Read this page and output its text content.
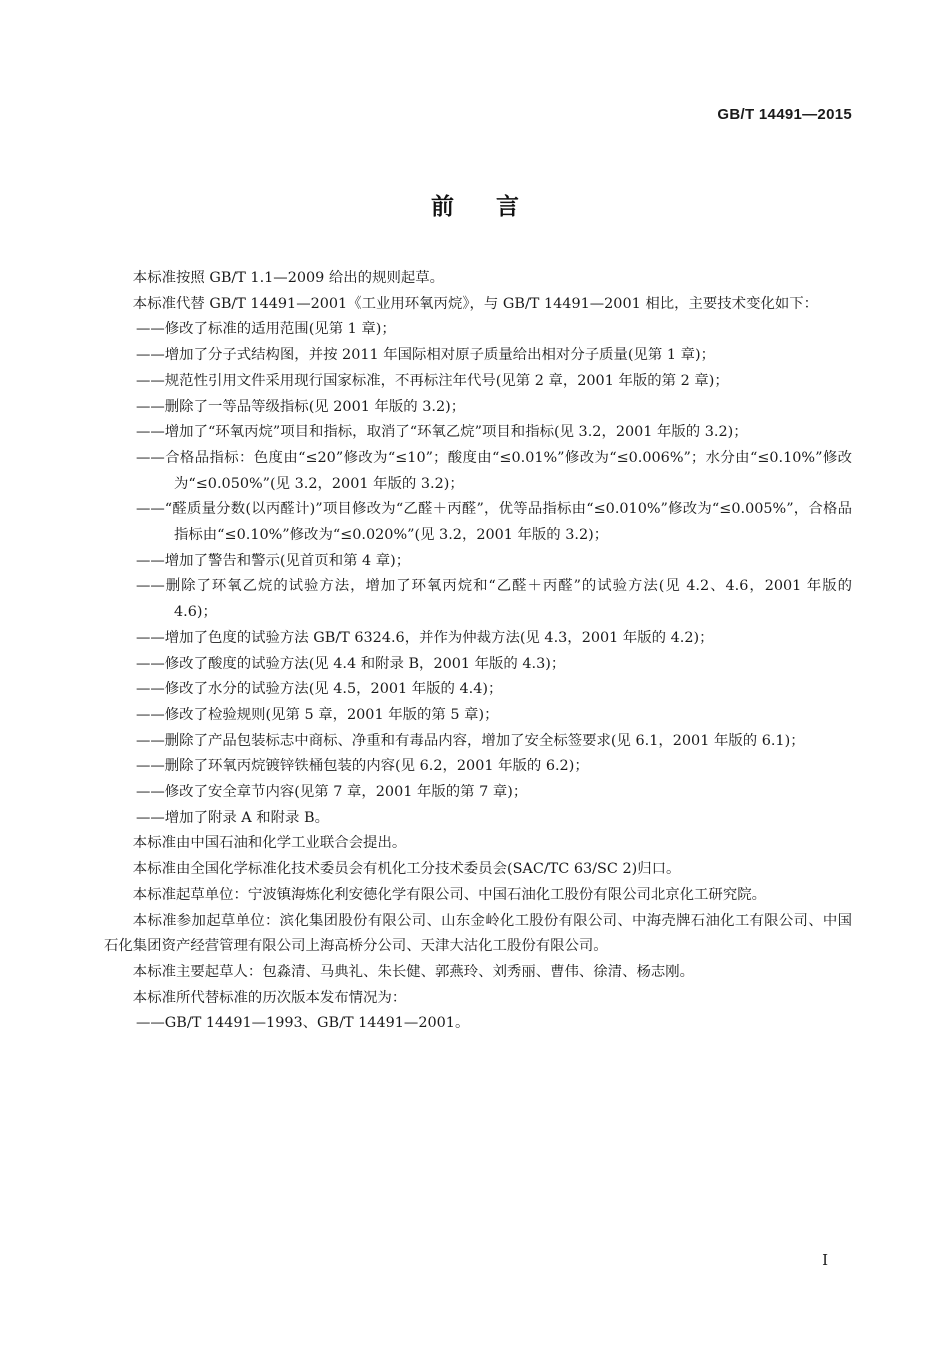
GB/T 14491—2015
前言

本标准按照 GB/T 1.1—2009 给出的规则起草。

本标准代替 GB/T 14491—2001《工业用环氧丙烷》，与 GB/T 14491—2001 相比，主要技术变化如下：

——修改了标准的适用范围(见第 1 章)；

——增加了分子式结构图，并按 2011 年国际相对原子质量给出相对分子质量(见第 1 章)；

——规范性引用文件采用现行国家标准，不再标注年代号(见第 2 章，2001 年版的第 2 章)；

——删除了一等品等级指标(见 2001 年版的 3.2)；

——增加了“环氧丙烷”项目和指标，取消了“环氧乙烷”项目和指标(见 3.2，2001 年版的 3.2)；

——合格品指标：色度由“≤20”修改为“≤10”；酸度由“≤0.01%”修改为“≤0.006%”；水分由“≤0.10%”修改为“≤0.050%”(见 3.2，2001 年版的 3.2)；

——“醛质量分数(以丙醛计)”项目修改为“乙醛＋丙醛”，优等品指标由“≤0.010%”修改为“≤0.005%”，合格品指标由“≤0.10%”修改为“≤0.020%”(见 3.2，2001 年版的 3.2)；

——增加了警告和警示(见首页和第 4 章)；

——删除了环氧乙烷的试验方法，增加了环氧丙烷和“乙醛＋丙醛”的试验方法(见 4.2、4.6，2001 年版的 4.6)；

——增加了色度的试验方法 GB/T 6324.6，并作为仲裁方法(见 4.3，2001 年版的 4.2)；

——修改了酸度的试验方法(见 4.4 和附录 B，2001 年版的 4.3)；

——修改了水分的试验方法(见 4.5，2001 年版的 4.4)；

——修改了检验规则(见第 5 章，2001 年版的第 5 章)；

——删除了产品包装标志中商标、净重和有毒品内容，增加了安全标签要求(见 6.1，2001 年版的 6.1)；

——删除了环氧丙烷镀锌铁桶包装的内容(见 6.2，2001 年版的 6.2)；

——修改了安全章节内容(见第 7 章，2001 年版的第 7 章)；

——增加了附录 A 和附录 B。

本标准由中国石油和化学工业联合会提出。

本标准由全国化学标准化技术委员会有机化工分技术委员会(SAC/TC 63/SC 2)归口。

本标准起草单位：宁波镇海炼化利安德化学有限公司、中国石油化工股份有限公司北京化工研究院。

本标准参加起草单位：滨化集团股份有限公司、山东金岭化工股份有限公司、中海壳牌石油化工有限公司、中国石化集团资产经营管理有限公司上海高桥分公司、天津大沽化工股份有限公司。

本标准主要起草人：包淼清、马典礼、朱长健、郭燕玲、刘秀丽、曹伟、徐清、杨志刚。

本标准所代替标准的历次版本发布情况为：

——GB/T 14491—1993、GB/T 14491—2001。

I
